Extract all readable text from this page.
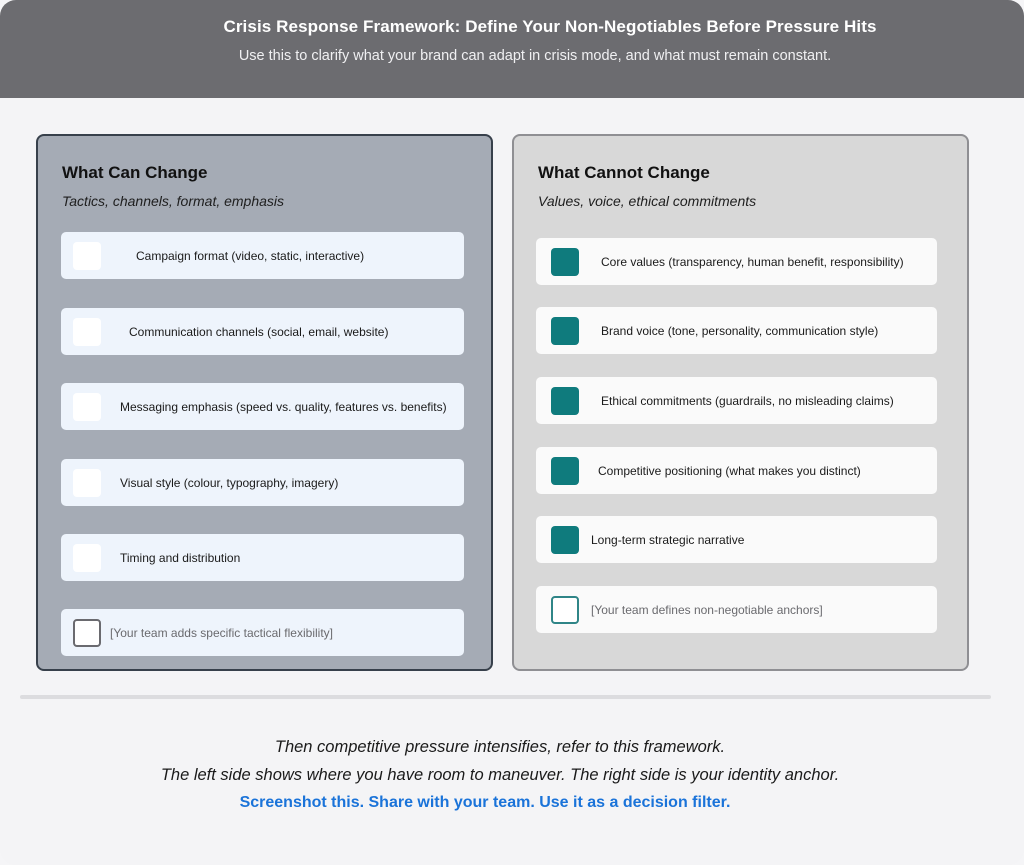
Crisis Response Framework: Define Your Non-Negotiables Before Pressure Hits
Use this to clarify what your brand can adapt in crisis mode, and what must remain constant.
What Can Change
Tactics, channels, format, emphasis
Campaign format (video, static, interactive)
Communication channels (social, email, website)
Messaging emphasis (speed vs. quality, features vs. benefits)
Visual style (colour, typography, imagery)
Timing and distribution
[Your team adds specific tactical flexibility]
What Cannot Change
Values, voice, ethical commitments
Core values (transparency, human benefit, responsibility)
Brand voice (tone, personality, communication style)
Ethical commitments (guardrails, no misleading claims)
Competitive positioning (what makes you distinct)
Long-term strategic narrative
[Your team defines non-negotiable anchors]
Then competitive pressure intensifies, refer to this framework.
The left side shows where you have room to maneuver. The right side is your identity anchor.
Screenshot this. Share with your team. Use it as a decision filter.
